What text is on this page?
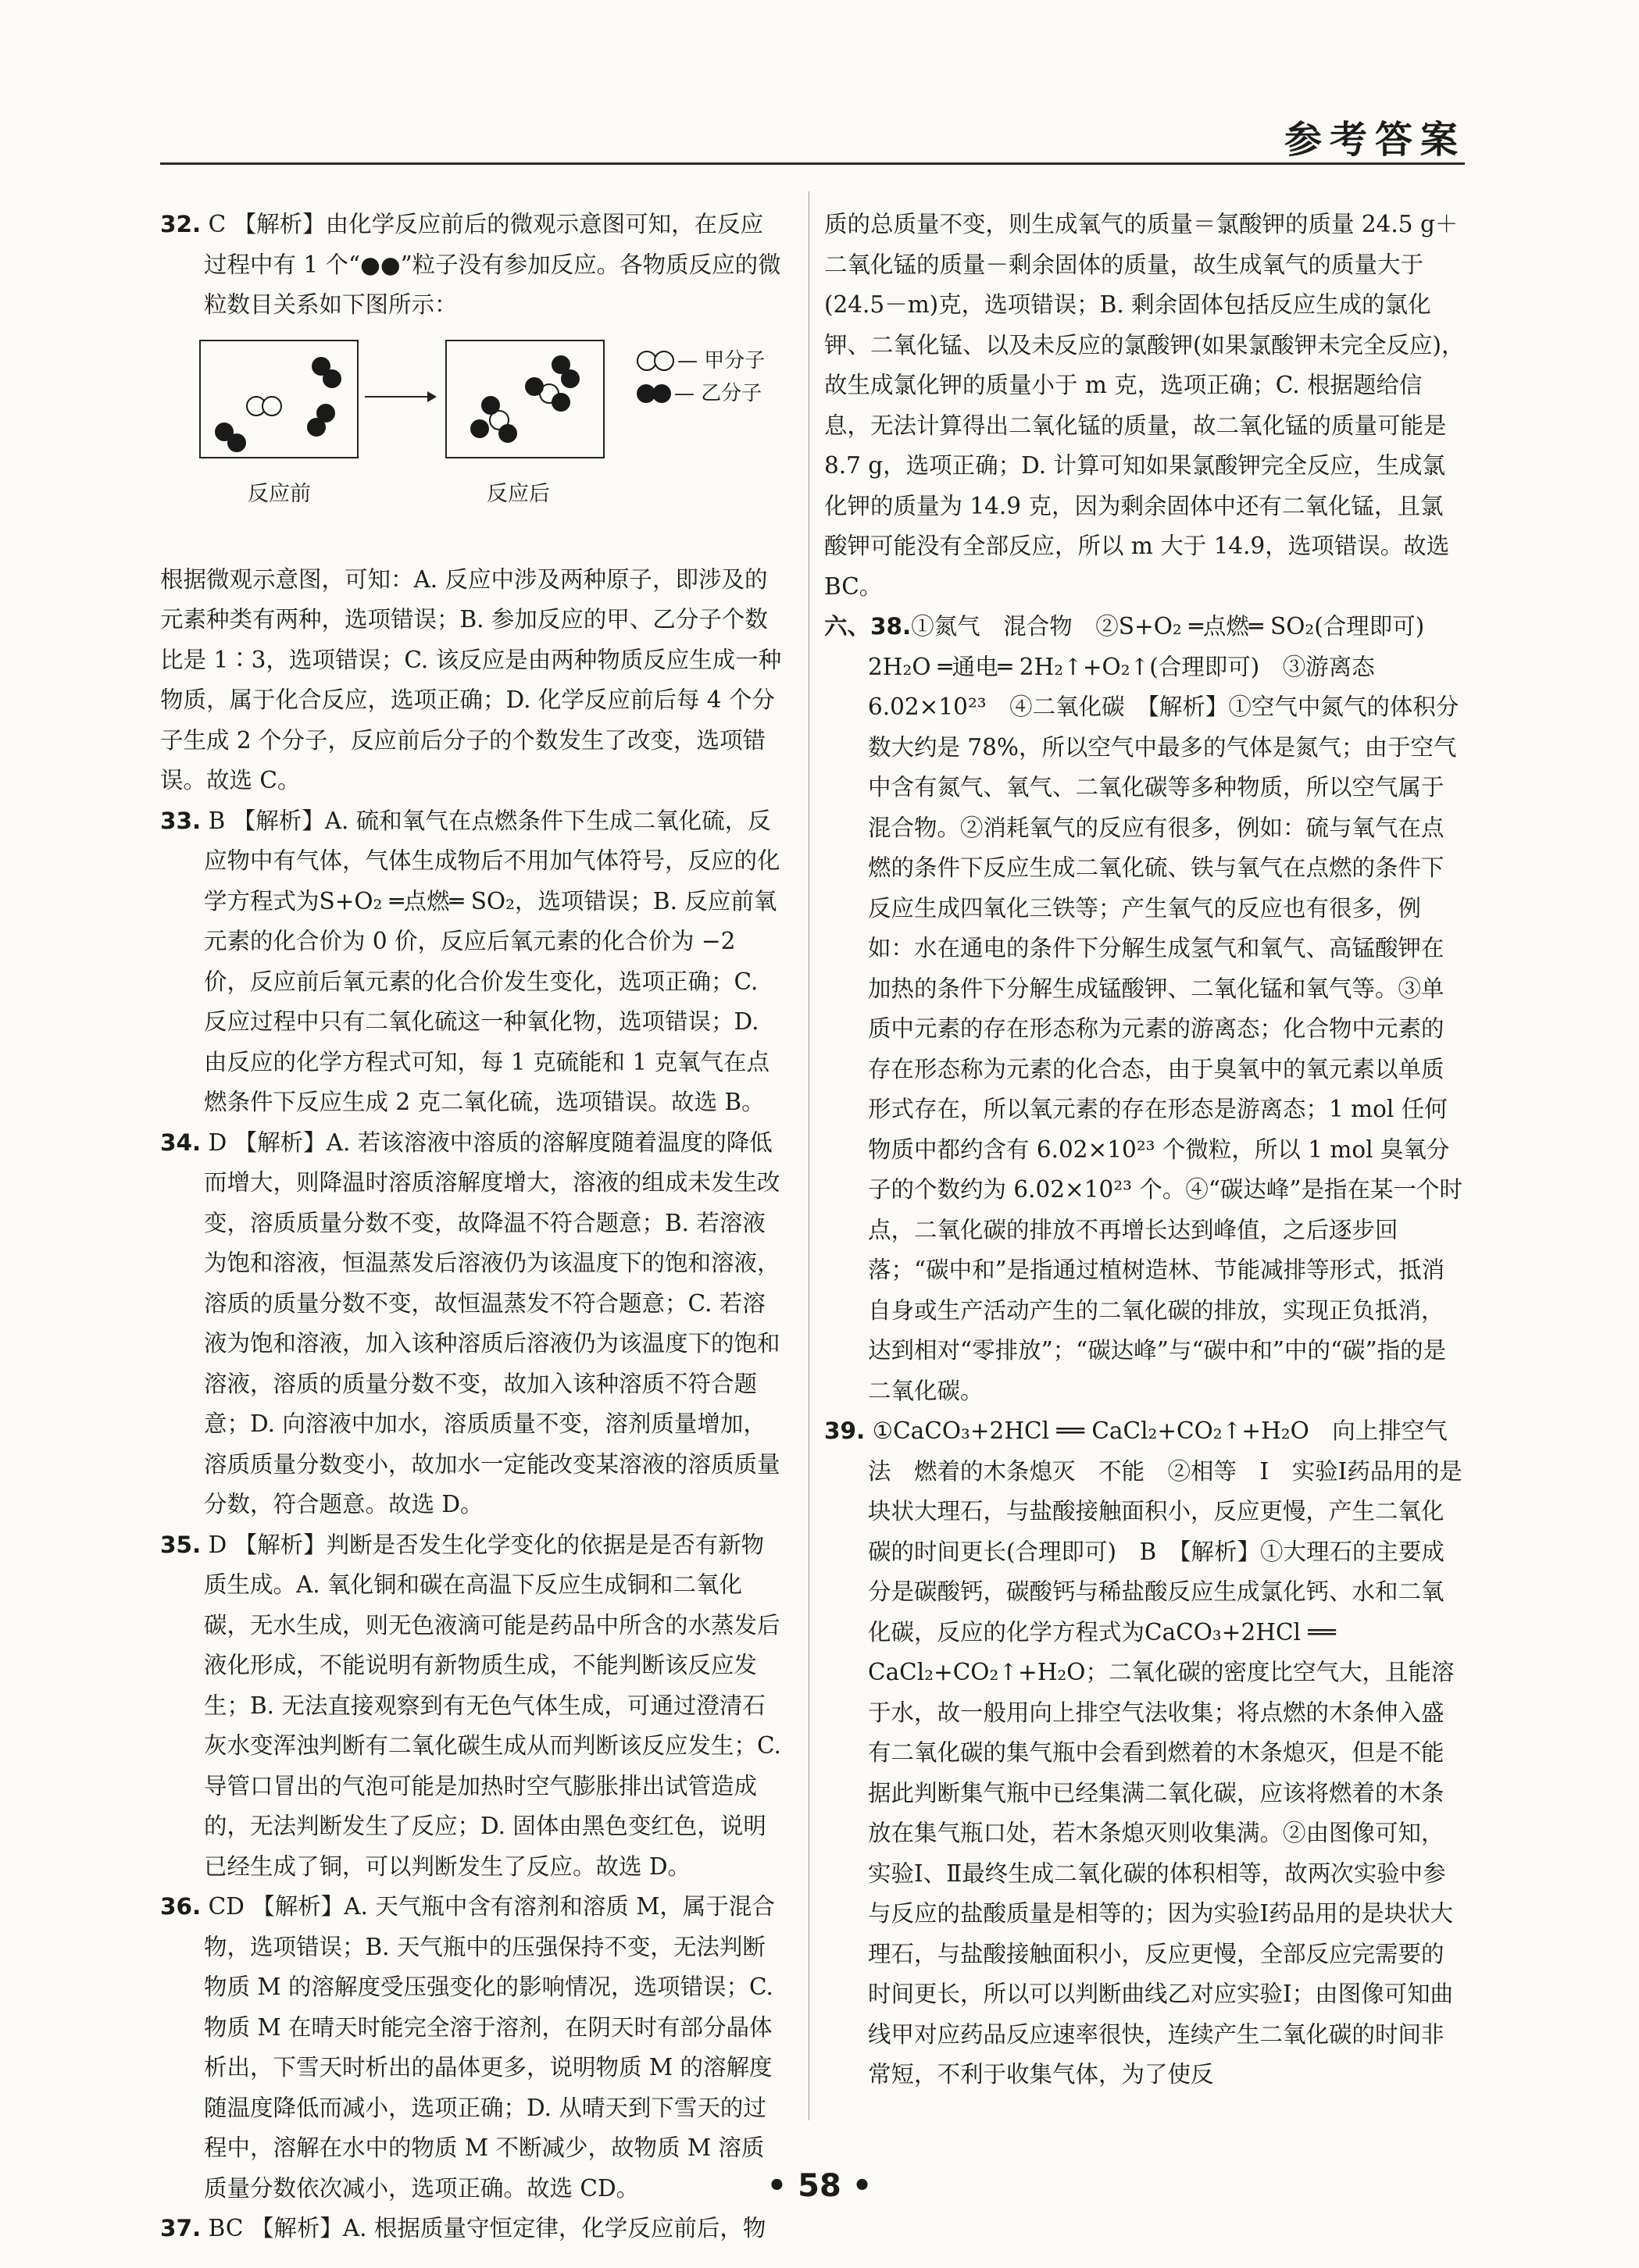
参考答案

32. C 【解析】由化学反应前后的微观示意图可知，在反应过程中有 1 个“●●”粒子没有参加反应。各物质反应的微粒数目关系如下图所示：

— 甲分子
— 乙分子
反应前	反应后

根据微观示意图，可知：A. 反应中涉及两种原子，即涉及的元素种类有两种，选项错误；B. 参加反应的甲、乙分子个数比是 1∶3，选项错误；C. 该反应是由两种物质反应生成一种物质，属于化合反应，选项正确；D. 化学反应前后每 4 个分子生成 2 个分子，反应前后分子的个数发生了改变，选项错误。故选 C。

33. B 【解析】A. 硫和氧气在点燃条件下生成二氧化硫，反应物中有气体，气体生成物后不用加气体符号，反应的化学方程式为S+O₂ ═点燃═ SO₂，选项错误；B. 反应前氧元素的化合价为 0 价，反应后氧元素的化合价为 −2 价，反应前后氧元素的化合价发生变化，选项正确；C. 反应过程中只有二氧化硫这一种氧化物，选项错误；D. 由反应的化学方程式可知，每 1 克硫能和 1 克氧气在点燃条件下反应生成 2 克二氧化硫，选项错误。故选 B。

34. D 【解析】A. 若该溶液中溶质的溶解度随着温度的降低而增大，则降温时溶质溶解度增大，溶液的组成未发生改变，溶质质量分数不变，故降温不符合题意；B. 若溶液为饱和溶液，恒温蒸发后溶液仍为该温度下的饱和溶液，溶质的质量分数不变，故恒温蒸发不符合题意；C. 若溶液为饱和溶液，加入该种溶质后溶液仍为该温度下的饱和溶液，溶质的质量分数不变，故加入该种溶质不符合题意；D. 向溶液中加水，溶质质量不变，溶剂质量增加，溶质质量分数变小，故加水一定能改变某溶液的溶质质量分数，符合题意。故选 D。

35. D 【解析】判断是否发生化学变化的依据是是否有新物质生成。A. 氧化铜和碳在高温下反应生成铜和二氧化碳，无水生成，则无色液滴可能是药品中所含的水蒸发后液化形成，不能说明有新物质生成，不能判断该反应发生；B. 无法直接观察到有无色气体生成，可通过澄清石灰水变浑浊判断有二氧化碳生成从而判断该反应发生；C. 导管口冒出的气泡可能是加热时空气膨胀排出试管造成的，无法判断发生了反应；D. 固体由黑色变红色，说明已经生成了铜，可以判断发生了反应。故选 D。

36. CD 【解析】A. 天气瓶中含有溶剂和溶质 M，属于混合物，选项错误；B. 天气瓶中的压强保持不变，无法判断物质 M 的溶解度受压强变化的影响情况，选项错误；C. 物质 M 在晴天时能完全溶于溶剂，在阴天时有部分晶体析出，下雪天时析出的晶体更多，说明物质 M 的溶解度随温度降低而减小，选项正确；D. 从晴天到下雪天的过程中，溶解在水中的物质 M 不断减少，故物质 M 溶质质量分数依次减小，选项正确。故选 CD。

37. BC 【解析】A. 根据质量守恒定律，化学反应前后，物

质的总质量不变，则生成氧气的质量＝氯酸钾的质量 24.5 g＋二氧化锰的质量－剩余固体的质量，故生成氧气的质量大于(24.5－m)克，选项错误；B. 剩余固体包括反应生成的氯化钾、二氧化锰、以及未反应的氯酸钾(如果氯酸钾未完全反应)，故生成氯化钾的质量小于 m 克，选项正确；C. 根据题给信息，无法计算得出二氧化锰的质量，故二氧化锰的质量可能是 8.7 g，选项正确；D. 计算可知如果氯酸钾完全反应，生成氯化钾的质量为 14.9 克，因为剩余固体中还有二氧化锰，且氯酸钾可能没有全部反应，所以 m 大于 14.9，选项错误。故选 BC。

六、38.①氮气　混合物　②S+O₂ ═点燃═ SO₂(合理即可)

2H₂O ═通电═ 2H₂↑+O₂↑(合理即可)　③游离态　6.02×10²³　④二氧化碳　【解析】①空气中氮气的体积分数大约是 78%，所以空气中最多的气体是氮气；由于空气中含有氮气、氧气、二氧化碳等多种物质，所以空气属于混合物。②消耗氧气的反应有很多，例如：硫与氧气在点燃的条件下反应生成二氧化硫、铁与氧气在点燃的条件下反应生成四氧化三铁等；产生氧气的反应也有很多，例如：水在通电的条件下分解生成氢气和氧气、高锰酸钾在加热的条件下分解生成锰酸钾、二氧化锰和氧气等。③单质中元素的存在形态称为元素的游离态；化合物中元素的存在形态称为元素的化合态，由于臭氧中的氧元素以单质形式存在，所以氧元素的存在形态是游离态；1 mol 任何物质中都约含有 6.02×10²³ 个微粒，所以 1 mol 臭氧分子的个数约为 6.02×10²³ 个。④“碳达峰”是指在某一个时点，二氧化碳的排放不再增长达到峰值，之后逐步回落；“碳中和”是指通过植树造林、节能减排等形式，抵消自身或生产活动产生的二氧化碳的排放，实现正负抵消，达到相对“零排放”；“碳达峰”与“碳中和”中的“碳”指的是二氧化碳。

39. ①CaCO₃+2HCl ══ CaCl₂+CO₂↑+H₂O　向上排空气法　燃着的木条熄灭　不能　②相等　Ⅰ　实验Ⅰ药品用的是块状大理石，与盐酸接触面积小，反应更慢，产生二氧化碳的时间更长(合理即可)　B　【解析】①大理石的主要成分是碳酸钙，碳酸钙与稀盐酸反应生成氯化钙、水和二氧化碳，反应的化学方程式为CaCO₃+2HCl ══ CaCl₂+CO₂↑+H₂O；二氧化碳的密度比空气大，且能溶于水，故一般用向上排空气法收集；将点燃的木条伸入盛有二氧化碳的集气瓶中会看到燃着的木条熄灭，但是不能据此判断集气瓶中已经集满二氧化碳，应该将燃着的木条放在集气瓶口处，若木条熄灭则收集满。②由图像可知，实验Ⅰ、Ⅱ最终生成二氧化碳的体积相等，故两次实验中参与反应的盐酸质量是相等的；因为实验Ⅰ药品用的是块状大理石，与盐酸接触面积小，反应更慢，全部反应完需要的时间更长，所以可以判断曲线乙对应实验Ⅰ；由图像可知曲线甲对应药品反应速率很快，连续产生二氧化碳的时间非常短，不利于收集气体，为了使反

• 58 •
